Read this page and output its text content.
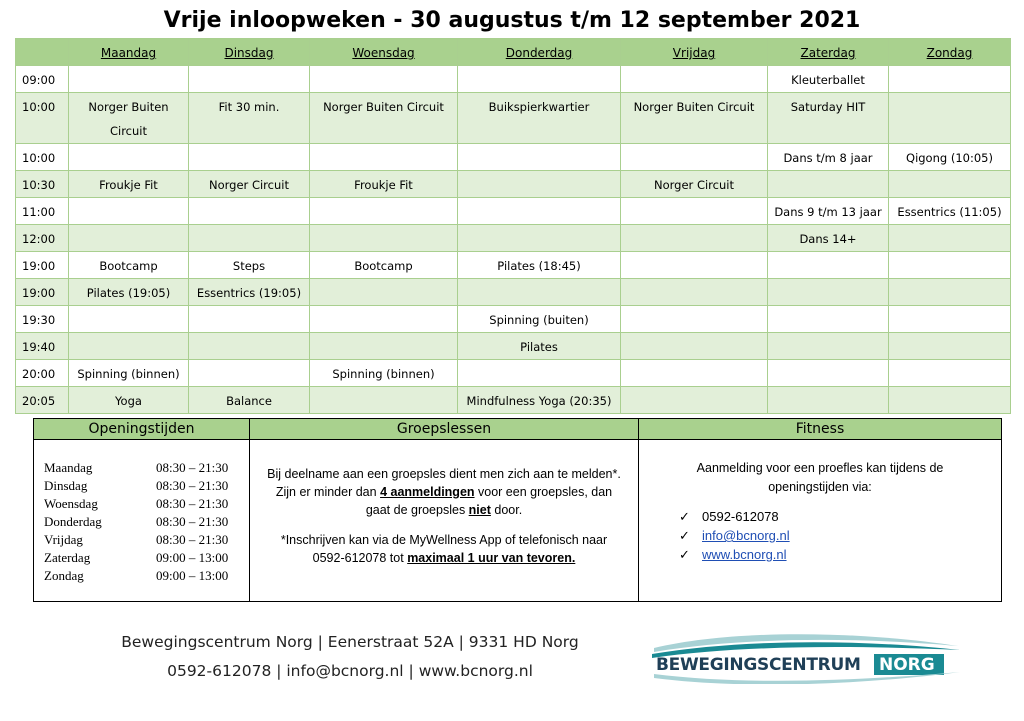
Vrije inloopweken - 30 augustus t/m 12 september 2021
	Maandag	Dinsdag	Woensdag	Donderdag	Vrijdag	Zaterdag	Zondag
09:00						Kleuterballet	
10:00	Norger Buiten Circuit	Fit 30 min.	Norger Buiten Circuit	Buikspierkwartier	Norger Buiten Circuit	Saturday HIT	
10:00						Dans t/m 8 jaar	Qigong (10:05)
10:30	Froukje Fit	Norger Circuit	Froukje Fit		Norger Circuit		
11:00						Dans 9 t/m 13 jaar	Essentrics (11:05)
12:00						Dans 14+	
19:00	Bootcamp	Steps	Bootcamp	Pilates (18:45)			
19:00	Pilates (19:05)	Essentrics (19:05)					
19:30				Spinning (buiten)			
19:40				Pilates			
20:00	Spinning (binnen)		Spinning (binnen)				
20:05	Yoga	Balance		Mindfulness Yoga (20:35)			
Openingstijden
Maandag	08:30 – 21:30
Dinsdag	08:30 – 21:30
Woensdag	08:30 – 21:30
Donderdag	08:30 – 21:30
Vrijdag	08:30 – 21:30
Zaterdag	09:00 – 13:00
Zondag	09:00 – 13:00
Groepslessen

Bij deelname aan een groepsles dient men zich aan te melden*. Zijn er minder dan 4 aanmeldingen voor een groepsles, dan gaat de groepsles niet door.

*Inschrijven kan via de MyWellness App of telefonisch naar 0592-612078 tot maximaal 1 uur van tevoren.

Fitness
Aanmelding voor een proefles kan tijdens de openingstijden via:
✓ 0592-612078
✓ info@bcnorg.nl
✓ www.bcnorg.nl
Bewegingscentrum Norg | Eenerstraat 52A | 9331 HD Norg
0592-612078 | info@bcnorg.nl | www.bcnorg.nl	BEWEGINGSCENTRUM NORG
